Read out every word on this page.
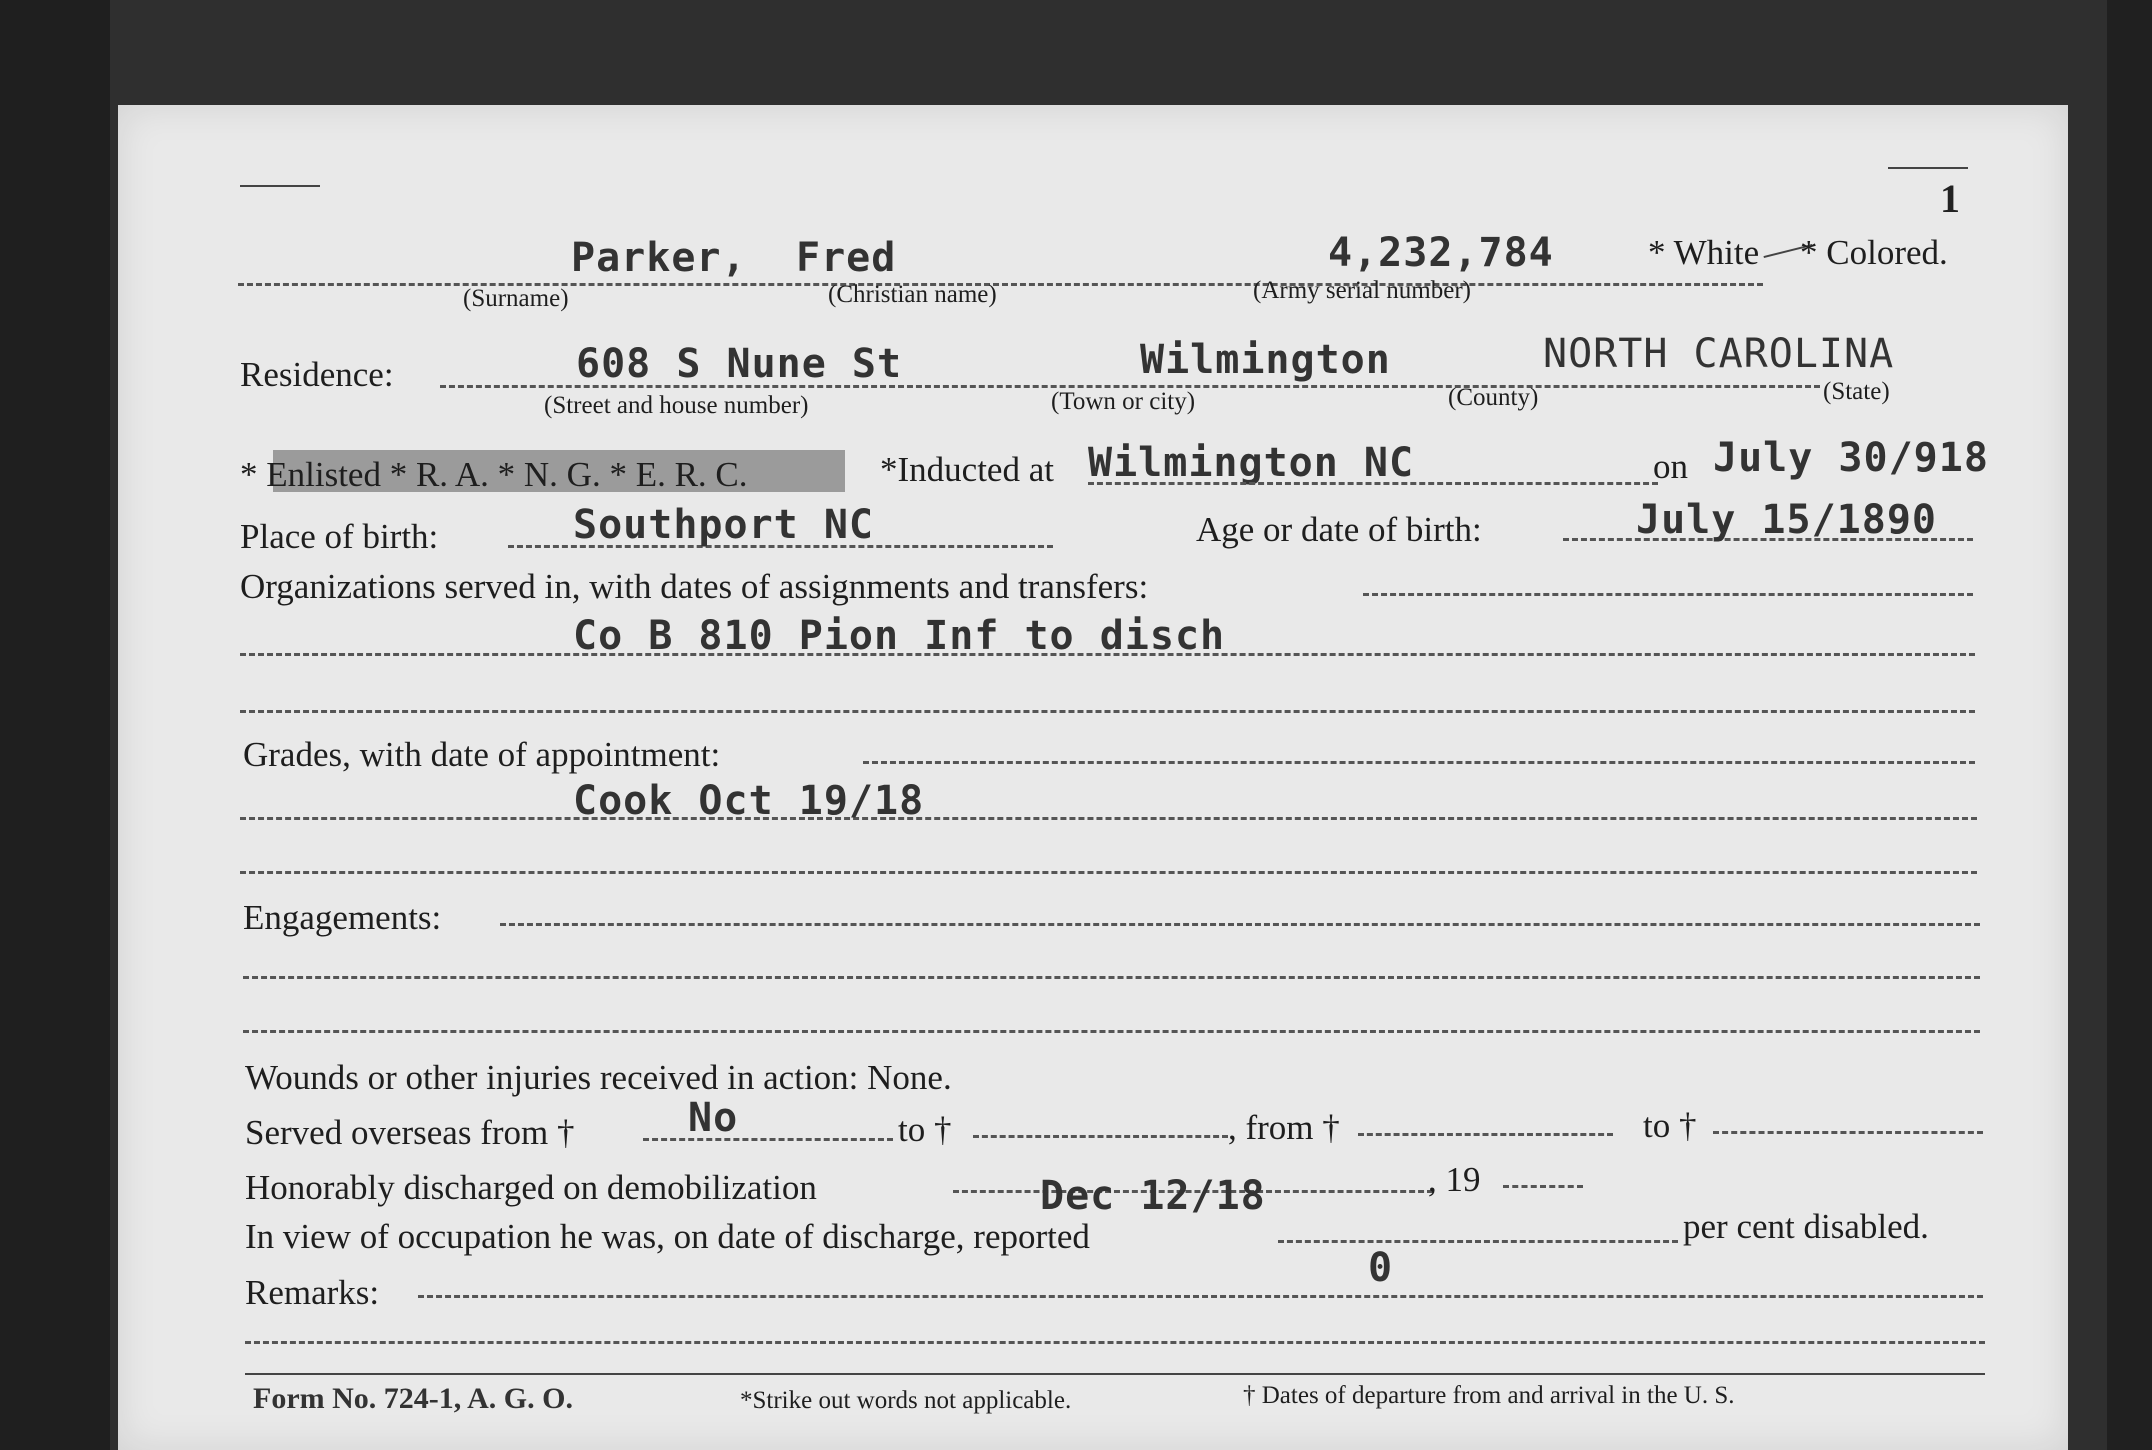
1
Parker, Fred	4,232,784	* White * Colored.
(Surname)	(Christian name)	(Army serial number)
Residence:	608 S Nune St	Wilmington	NORTH CAROLINA
(Street and house number)	(Town or city)	(County)	(State)
* Enlisted * R. A. * N. G. * E. R. C.	*Inducted at Wilmington NC	on July 30/918
Place of birth:	Southport NC	Age or date of birth:	July 15/1890
Organizations served in, with dates of assignments and transfers:
Co B 810 Pion Inf to disch
Grades, with date of appointment:
Cook Oct 19/18
Engagements:
Wounds or other injuries received in action: None.
Served overseas from †	No	to †	, from †	to †
Honorably discharged on demobilization	Dec 12/18	, 19
In view of occupation he was, on date of discharge, reported
0
per cent disabled.
Remarks:
Form No. 724-1, A. G. O.	*Strike out words not applicable.	† Dates of departure from and arrival in the U. S.
